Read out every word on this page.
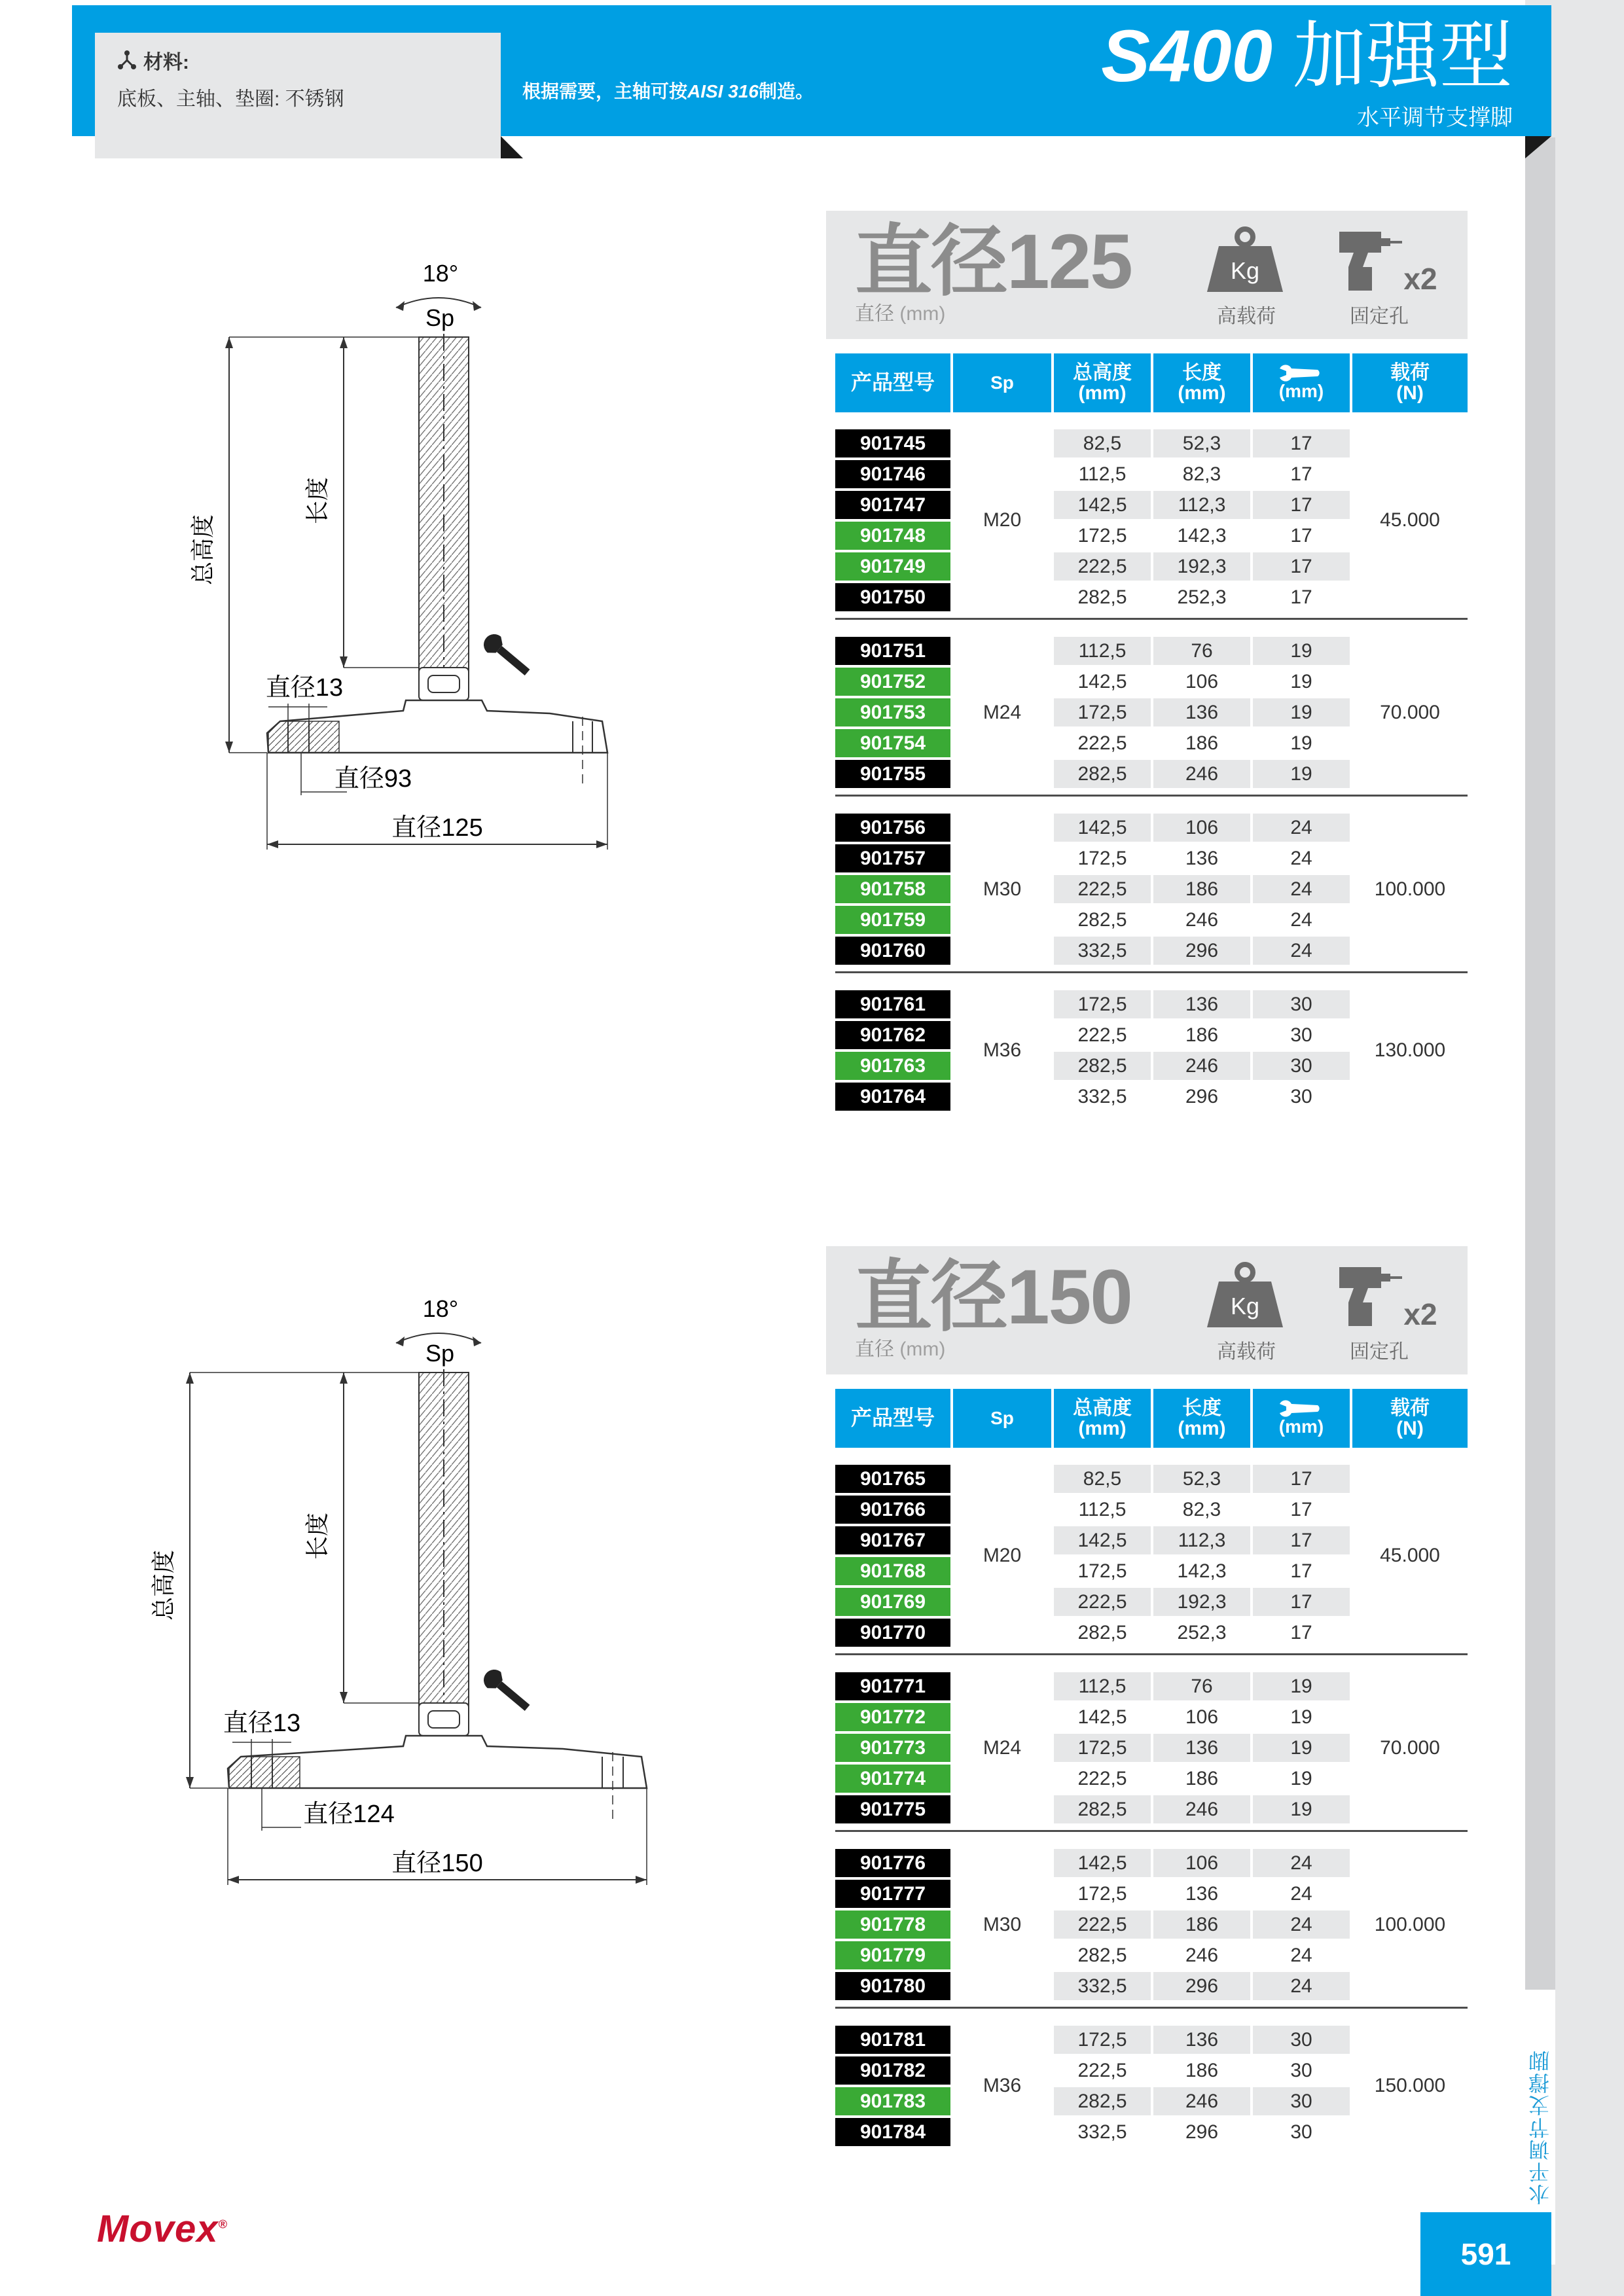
水平调节支撑脚
材料:
底板、主轴、垫圈: 不锈钢	根据需要，主轴可按AISI 316制造。	S400 加强型
水平调节支撑脚
直径125
直径 (mm)
Kg
高载荷
x2
固定孔
产品型号	Sp	总高度
(mm)
长度
(mm)	(mm)
载荷
(N)
901745	82,5	52,3	17
901746	112,5	82,3	17
901747	142,5	112,3	17
901748	172,5	142,3	17
901749	222,5	192,3	17
901750	282,5	252,3	17
M20	45.000
901751	112,5	76	19
901752	142,5	106	19
901753	172,5	136	19
901754	222,5	186	19
901755	282,5	246	19
M24	70.000
901756	142,5	106	24
901757	172,5	136	24
901758	222,5	186	24
901759	282,5	246	24
901760	332,5	296	24
M30	100.000
901761	172,5	136	30
901762	222,5	186	30
901763	282,5	246	30
901764	332,5	296	30
M36	130.000
18°
Sp
总高度
长度
直径13
直径93
直径125
直径150
直径 (mm)
Kg
高载荷
x2
固定孔
产品型号	Sp	总高度
(mm)
长度
(mm)	(mm)
载荷
(N)
901765	82,5	52,3	17
901766	112,5	82,3	17
901767	142,5	112,3	17
901768	172,5	142,3	17
901769	222,5	192,3	17
901770	282,5	252,3	17
M20	45.000
901771	112,5	76	19
901772	142,5	106	19
901773	172,5	136	19
901774	222,5	186	19
901775	282,5	246	19
M24	70.000
901776	142,5	106	24
901777	172,5	136	24
901778	222,5	186	24
901779	282,5	246	24
901780	332,5	296	24
M30	100.000
901781	172,5	136	30
901782	222,5	186	30
901783	282,5	246	30
901784	332,5	296	30
M36	150.000
18°
Sp
总高度
长度
直径13
直径124
直径150
Movex®
591
